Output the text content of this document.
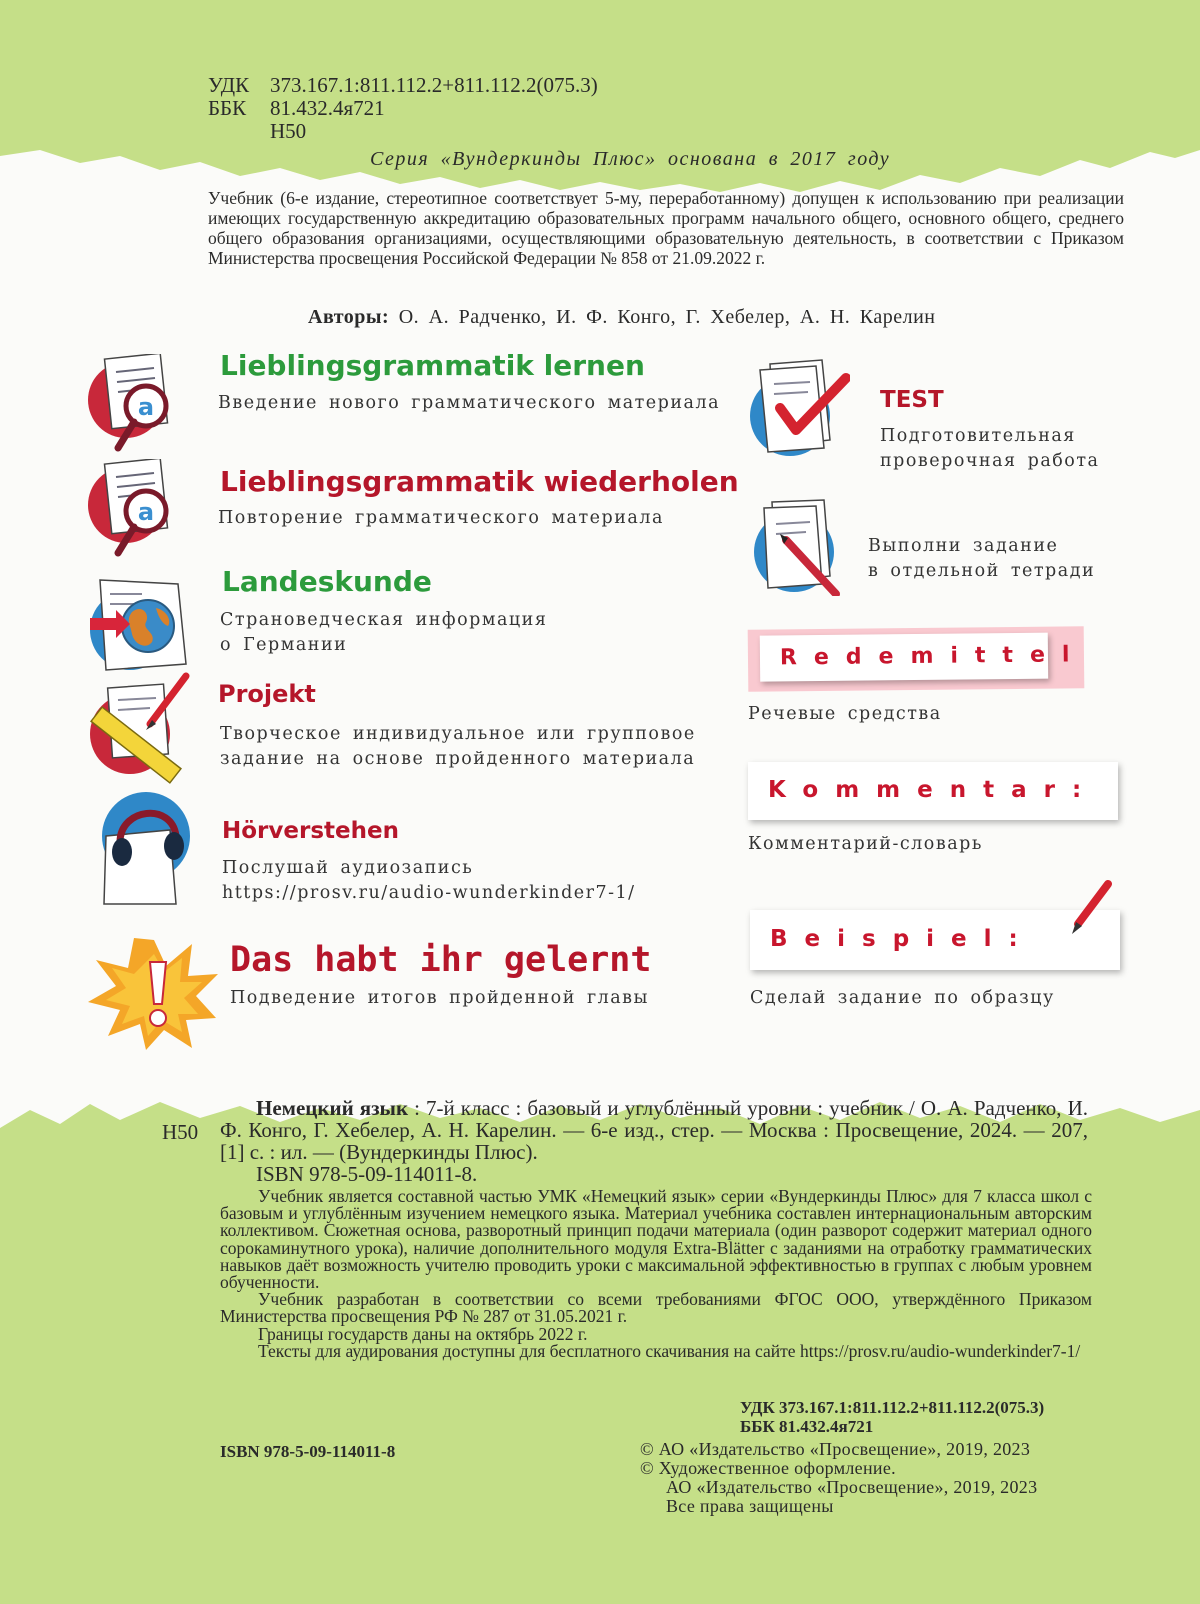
УДК 373.167.1:811.112.2+811.112.2(075.3)
ББК 81.432.4я721
Н50
Серия «Вундеркинды Плюс» основана в 2017 году
Учебник (6-е издание, стереотипное соответствует 5-му, переработанному) допущен к использованию при реализации имеющих государственную аккредитацию образовательных программ начального общего, основного общего, среднего общего образования организациями, осуществляющими образовательную деятельность, в соответствии с Приказом Министерства просвещения Российской Федерации № 858 от 21.09.2022 г.
Авторы: О. А. Радченко, И. Ф. Конго, Г. Хебелер, А. Н. Карелин
a
Lieblingsgrammatik lernen
Введение нового грамматического материала
a
Lieblingsgrammatik wiederholen
Повторение грамматического материала
Landeskunde
Страноведческая информация
о Германии
Projekt
Творческое индивидуальное или групповое
задание на основе пройденного материала
Hörverstehen
Послушай аудиозапись
https://prosv.ru/audio-wunderkinder7-1/
Das habt ihr gelernt
Подведение итогов пройденной главы
TEST
Подготовительная
проверочная работа
Выполни задание
в отдельной тетради
Redemittel
Речевые средства
Kommentar:
Комментарий-словарь
Beispiel:
Сделай задание по образцу
Н50
Немецкий язык : 7-й класс : базовый и углублённый уровни : учебник / О. А. Радченко, И. Ф. Конго, Г. Хебелер, А. Н. Карелин. — 6-е изд., стер. — Москва : Просвещение, 2024. — 207, [1] с. : ил. — (Вундеркинды Плюс).
ISBN 978-5-09-114011-8.
Учебник является составной частью УМК «Немецкий язык» серии «Вундеркинды Плюс» для 7 класса школ с базовым и углублённым изучением немецкого языка. Материал учебника составлен интернациональным авторским коллективом. Сюжетная основа, разворотный принцип подачи материала (один разворот содержит материал одного сорокаминутного урока), наличие дополнительного модуля Extra-Blätter с заданиями на отработку грамматических навыков даёт возможность учителю проводить уроки с максимальной эффективностью в группах с любым уровнем обученности.
Учебник разработан в соответствии со всеми требованиями ФГОС ООО, утверждённого Приказом Министерства просвещения РФ № 287 от 31.05.2021 г.
Границы государств даны на октябрь 2022 г.
Тексты для аудирования доступны для бесплатного скачивания на сайте https://prosv.ru/audio-wunderkinder7-1/
УДК 373.167.1:811.112.2+811.112.2(075.3)
ББК 81.432.4я721
ISBN 978-5-09-114011-8	© АО «Издательство «Просвещение», 2019, 2023
© Художественное оформление.
АО «Издательство «Просвещение», 2019, 2023
Все права защищены
